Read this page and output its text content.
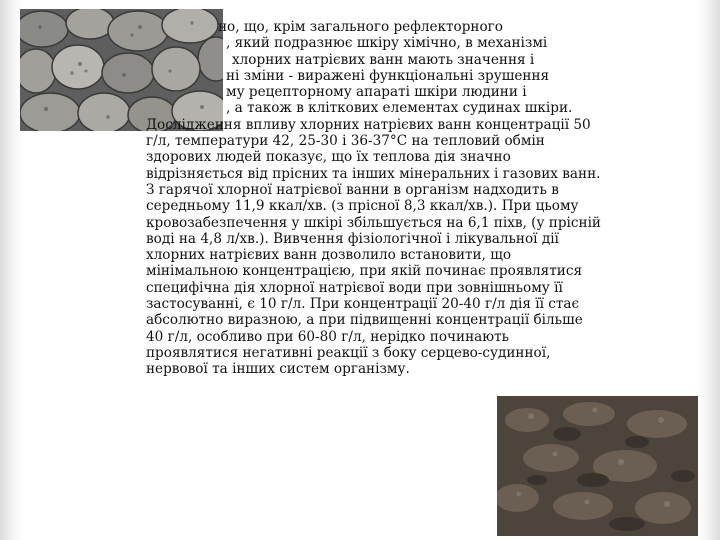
но, що, крім загального рефлекторного
, який подразнює шкіру хімічно, в механізмі
хлорних натрієвих ванн мають значення і
ні зміни - виражені функціональні зрушення
му рецепторному апараті шкіри людини і
, а також в кліткових елементах судинах шкіри.
Дослідження впливу хлорних натрієвих ванн концентрації 50
г/л, температури 42, 25-30 і 36-37°С на тепловий обмін
здорових людей показує, що їх теплова дія значно
відрізняється від прісних та інших мінеральних і газових ванн.
З гарячої хлорної натрієвої ванни в організм надходить в
середньому 11,9 ккал/хв. (з прісної 8,3 ккал/хв.). При цьому
кровозабезпечення у шкірі збільшується на 6,1 піхв, (у прісній
воді на 4,8 л/хв.). Вивчення фізіологічної і лікувальної дії
хлорних натрієвих ванн дозволило встановити, що
мінімальною концентрацією, при якій починає проявлятися
специфічна дія хлорної натрієвої води при зовнішньому її
застосуванні, є 10 г/л. При концентрації 20-40 г/л дія її стає
абсолютно виразною, а при підвищенні концентрації більше
40 г/л, особливо при 60-80 г/л, нерідко починають
проявлятися негативні реакції з боку серцево-судинної,
нервової та інших систем організму.
